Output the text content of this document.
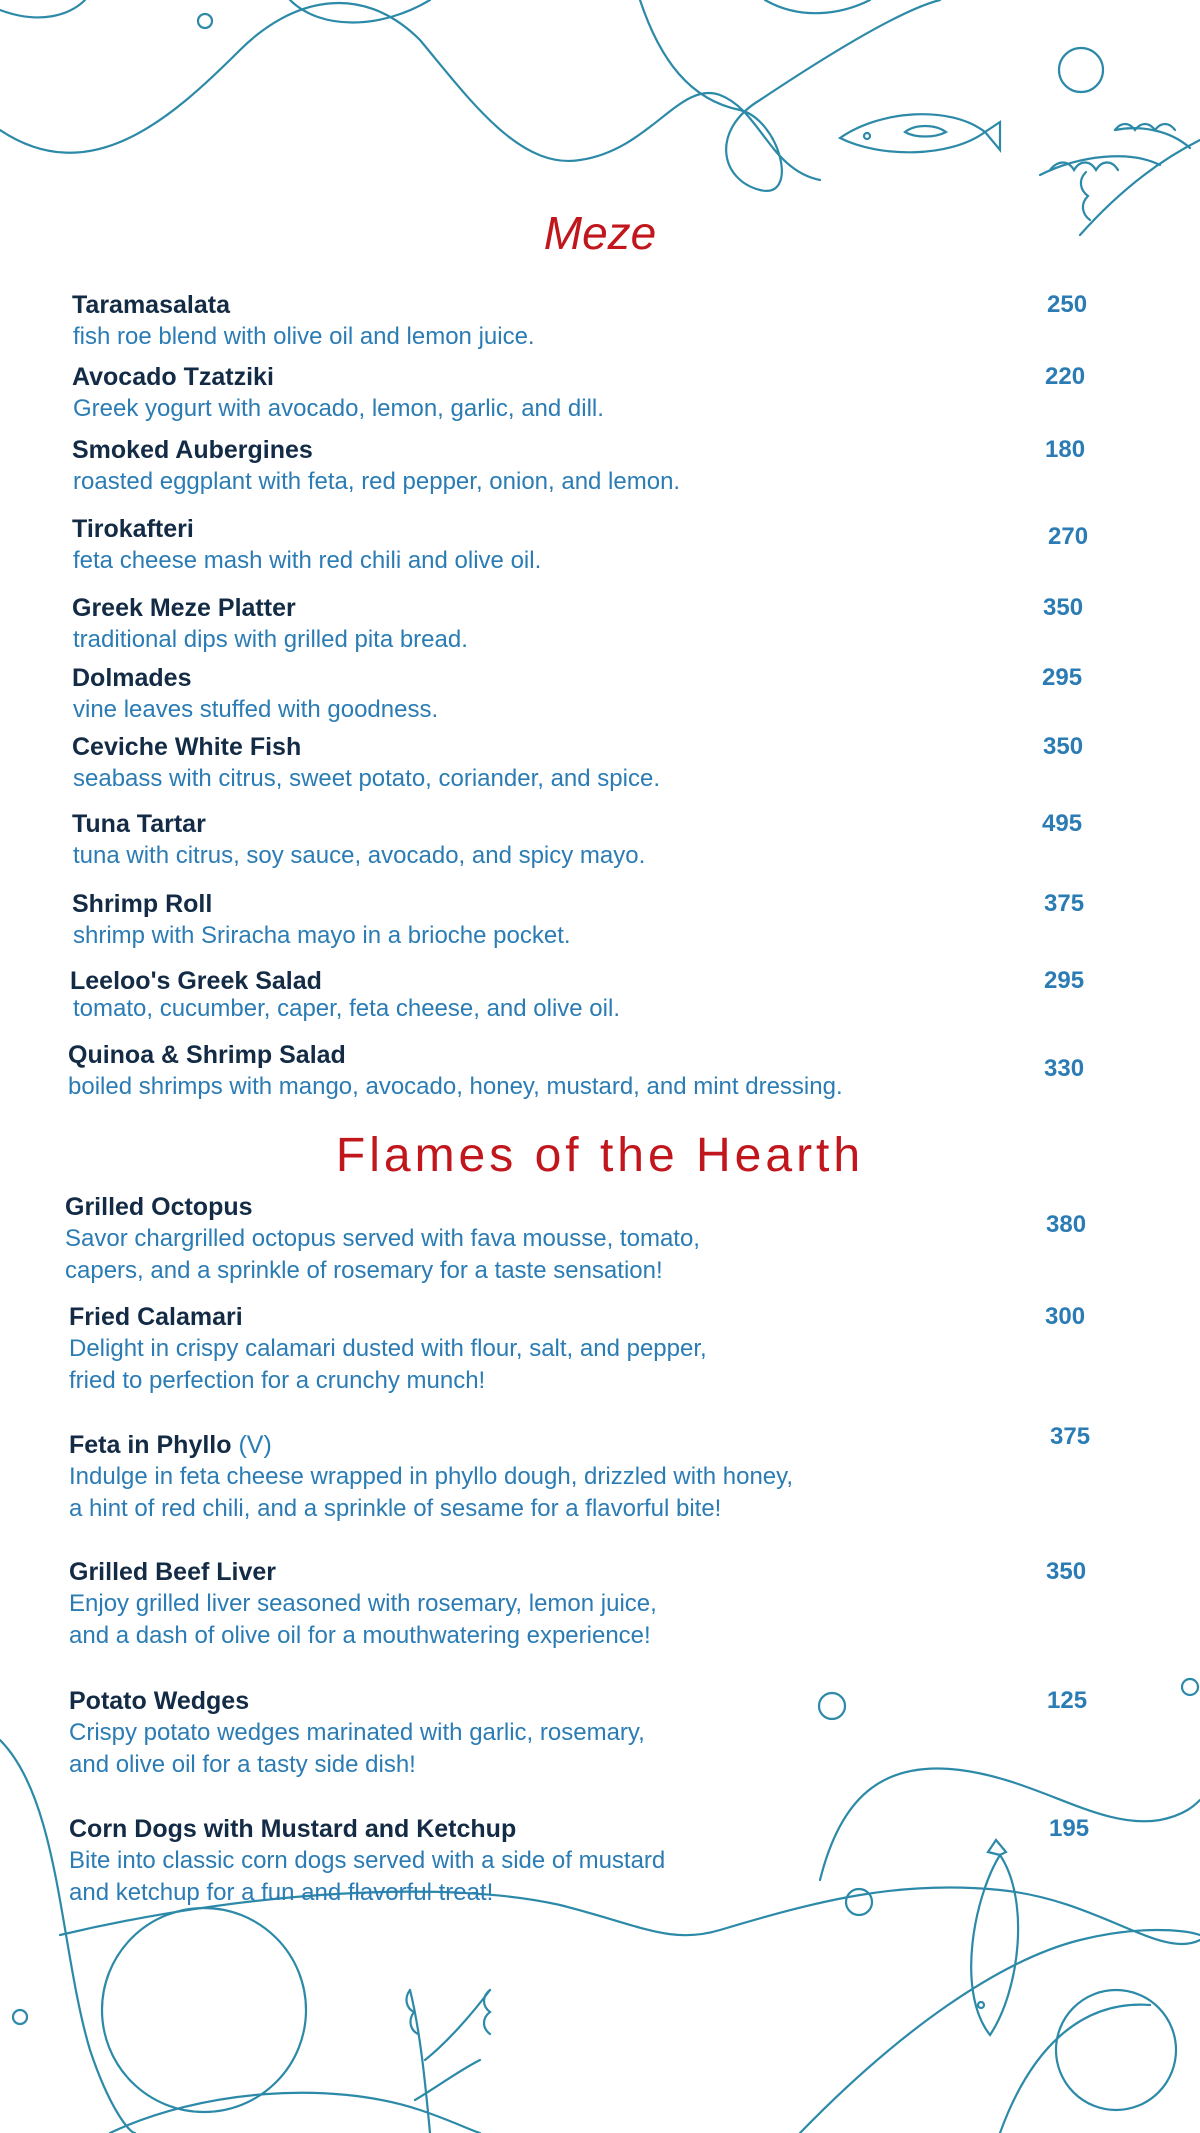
Meze

Taramasalata

fish roe blend with olive oil and lemon juice.

250

Avocado Tzatziki

Greek yogurt with avocado, lemon, garlic, and dill.

220

Smoked Aubergines

roasted eggplant with feta, red pepper, onion, and lemon.

180

Tirokafteri

feta cheese mash with red chili and olive oil.

270

Greek Meze Platter

traditional dips with grilled pita bread.

350

Dolmades

vine leaves stuffed with goodness.

295

Ceviche White Fish

seabass with citrus, sweet potato, coriander, and spice.

350

Tuna Tartar

tuna with citrus, soy sauce, avocado, and spicy mayo.

495

Shrimp Roll

shrimp with Sriracha mayo in a brioche pocket.

375

Leeloo's Greek Salad

tomato, cucumber, caper, feta cheese, and olive oil.

295

Quinoa & Shrimp Salad

boiled shrimps with mango, avocado, honey, mustard, and mint dressing.

330

Flames of the Hearth

Grilled Octopus

Savor chargrilled octopus served with fava mousse, tomato,
capers, and a sprinkle of rosemary for a taste sensation!

380

Fried Calamari

Delight in crispy calamari dusted with flour, salt, and pepper,
fried to perfection for a crunchy munch!

300

Feta in Phyllo (V)

Indulge in feta cheese wrapped in phyllo dough, drizzled with honey,
a hint of red chili, and a sprinkle of sesame for a flavorful bite!

375

Grilled Beef Liver

Enjoy grilled liver seasoned with rosemary, lemon juice,
and a dash of olive oil for a mouthwatering experience!

350

Potato Wedges

Crispy potato wedges marinated with garlic, rosemary,
and olive oil for a tasty side dish!

125

Corn Dogs with Mustard and Ketchup

Bite into classic corn dogs served with a side of mustard
and ketchup for a fun and flavorful treat!

195
